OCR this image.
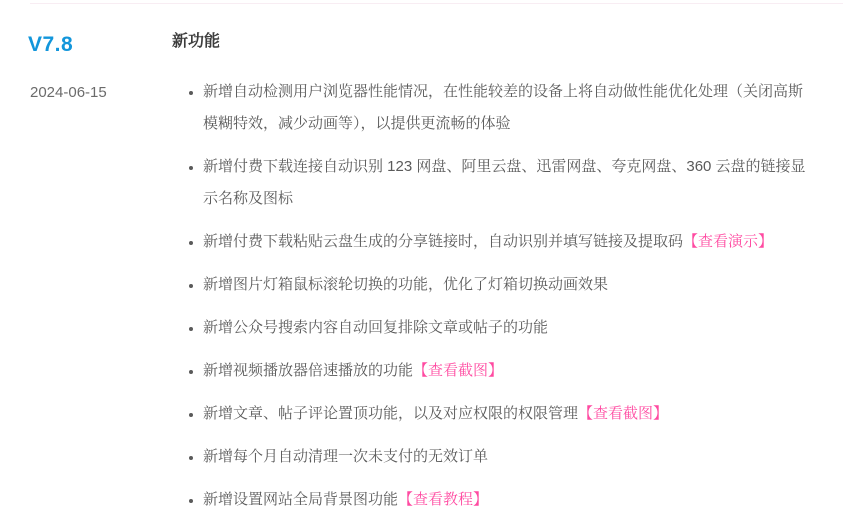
V7.8
2024-06-15
新功能
• 新增自动检测用户浏览器性能情况，在性能较差的设备上将自动做性能优化处理（关闭高斯模糊特效，减少动画等），以提供更流畅的体验
• 新增付费下载连接自动识别 123 网盘、阿里云盘、迅雷网盘、夸克网盘、360 云盘的链接显示名称及图标
• 新增付费下载粘贴云盘生成的分享链接时，自动识别并填写链接及提取码【查看演示】
• 新增图片灯箱鼠标滚轮切换的功能，优化了灯箱切换动画效果
• 新增公众号搜索内容自动回复排除文章或帖子的功能
• 新增视频播放器倍速播放的功能【查看截图】
• 新增文章、帖子评论置顶功能，以及对应权限的权限管理【查看截图】
• 新增每个月自动清理一次未支付的无效订单
• 新增设置网站全局背景图功能【查看教程】
